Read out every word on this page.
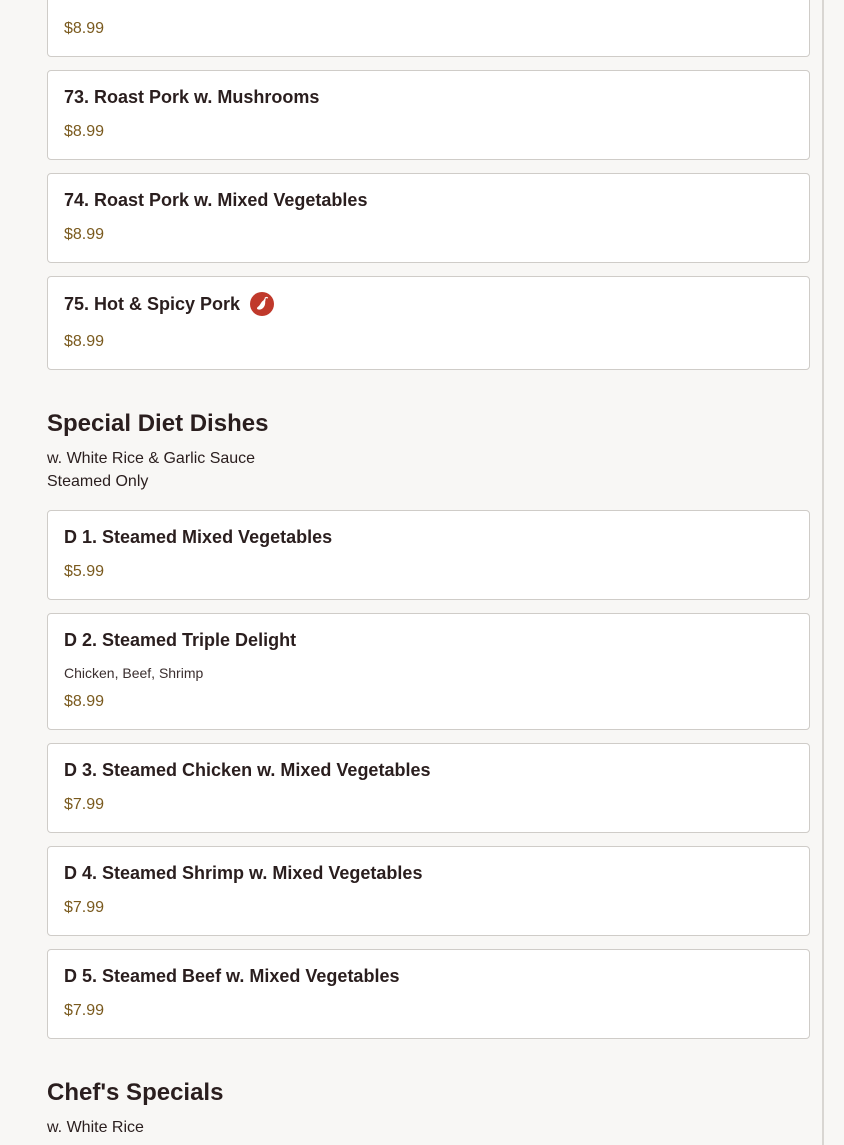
$8.99
73. Roast Pork w. Mushrooms
$8.99
74. Roast Pork w. Mixed Vegetables
$8.99
75. Hot & Spicy Pork
$8.99
Special Diet Dishes
w. White Rice & Garlic Sauce
Steamed Only
D 1. Steamed Mixed Vegetables
$5.99
D 2. Steamed Triple Delight
Chicken, Beef, Shrimp
$8.99
D 3. Steamed Chicken w. Mixed Vegetables
$7.99
D 4. Steamed Shrimp w. Mixed Vegetables
$7.99
D 5. Steamed Beef w. Mixed Vegetables
$7.99
Chef's Specials
w. White Rice
